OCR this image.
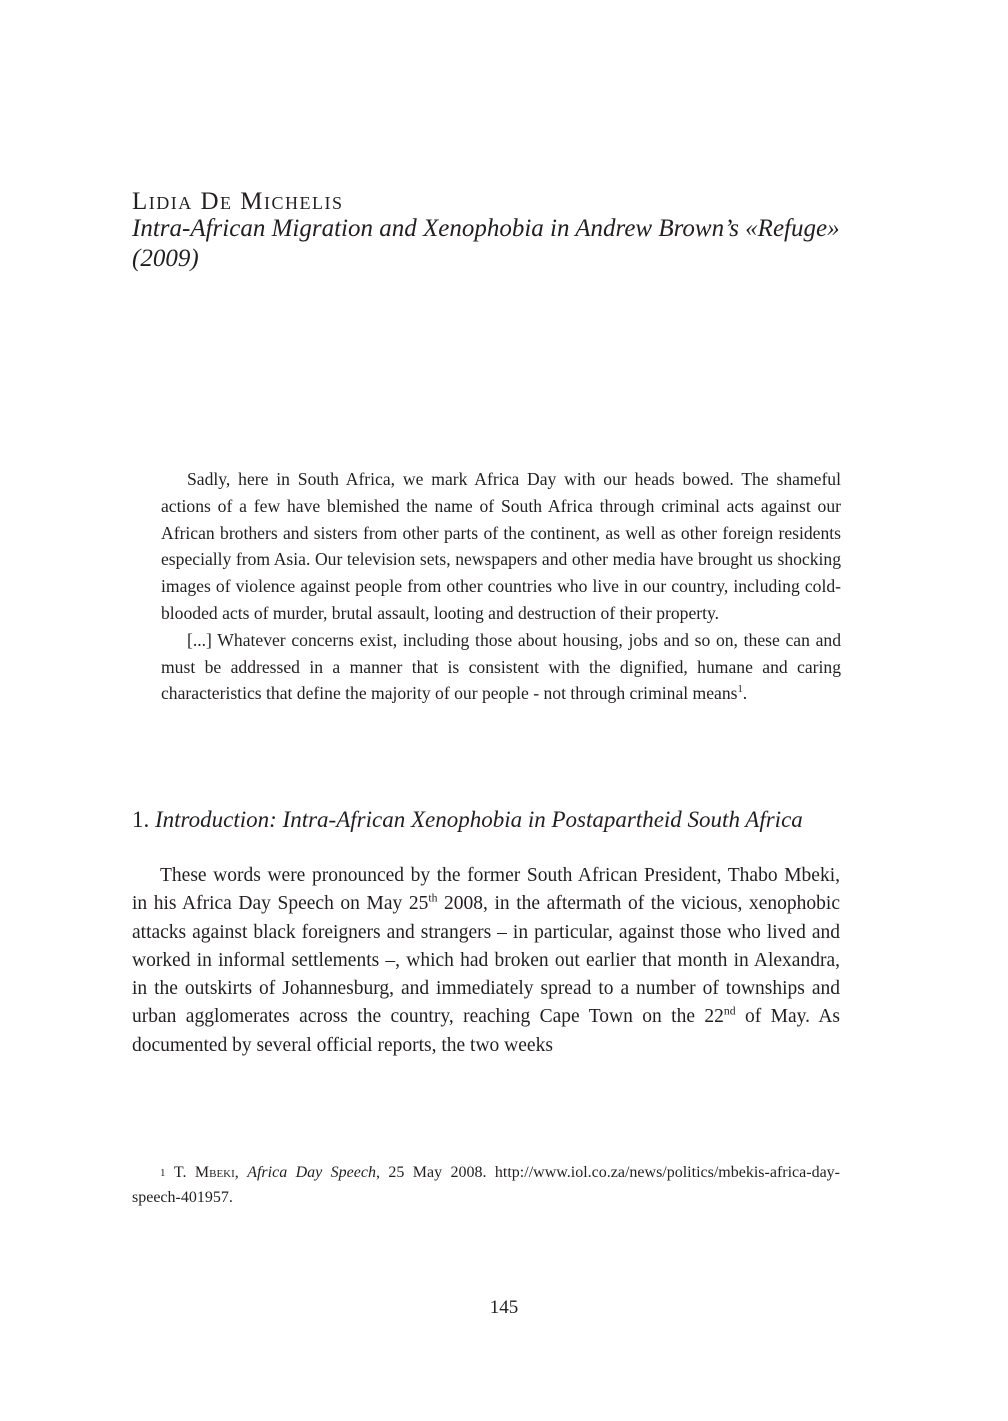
Lidia De Michelis
Intra-African Migration and Xenophobia in Andrew Brown’s «Refuge» (2009)

Sadly, here in South Africa, we mark Africa Day with our heads bowed. The shameful actions of a few have blemished the name of South Africa through criminal acts against our African brothers and sisters from other parts of the continent, as well as other foreign residents especially from Asia. Our television sets, newspapers and other media have brought us shocking images of violence against people from other countries who live in our country, including cold-blooded acts of murder, brutal assault, looting and destruction of their property.

[...] Whatever concerns exist, including those about housing, jobs and so on, these can and must be addressed in a manner that is consistent with the dignified, humane and caring characteristics that define the majority of our people - not through criminal means$^1$.

1. Introduction: Intra-African Xenophobia in Postapartheid South Africa

These words were pronounced by the former South African President, Thabo Mbeki, in his Africa Day Speech on May 25th 2008, in the aftermath of the vicious, xenophobic attacks against black foreigners and strangers – in particular, against those who lived and worked in informal settlements –, which had broken out earlier that month in Alexandra, in the outskirts of Johannesburg, and immediately spread to a number of townships and urban agglomerates across the country, reaching Cape Town on the 22nd of May. As documented by several official reports, the two weeks

$^1$ T. Mbeki, Africa Day Speech, 25 May 2008. http://www.iol.co.za/news/politics/mbekis-africa-day-speech-401957.

145
